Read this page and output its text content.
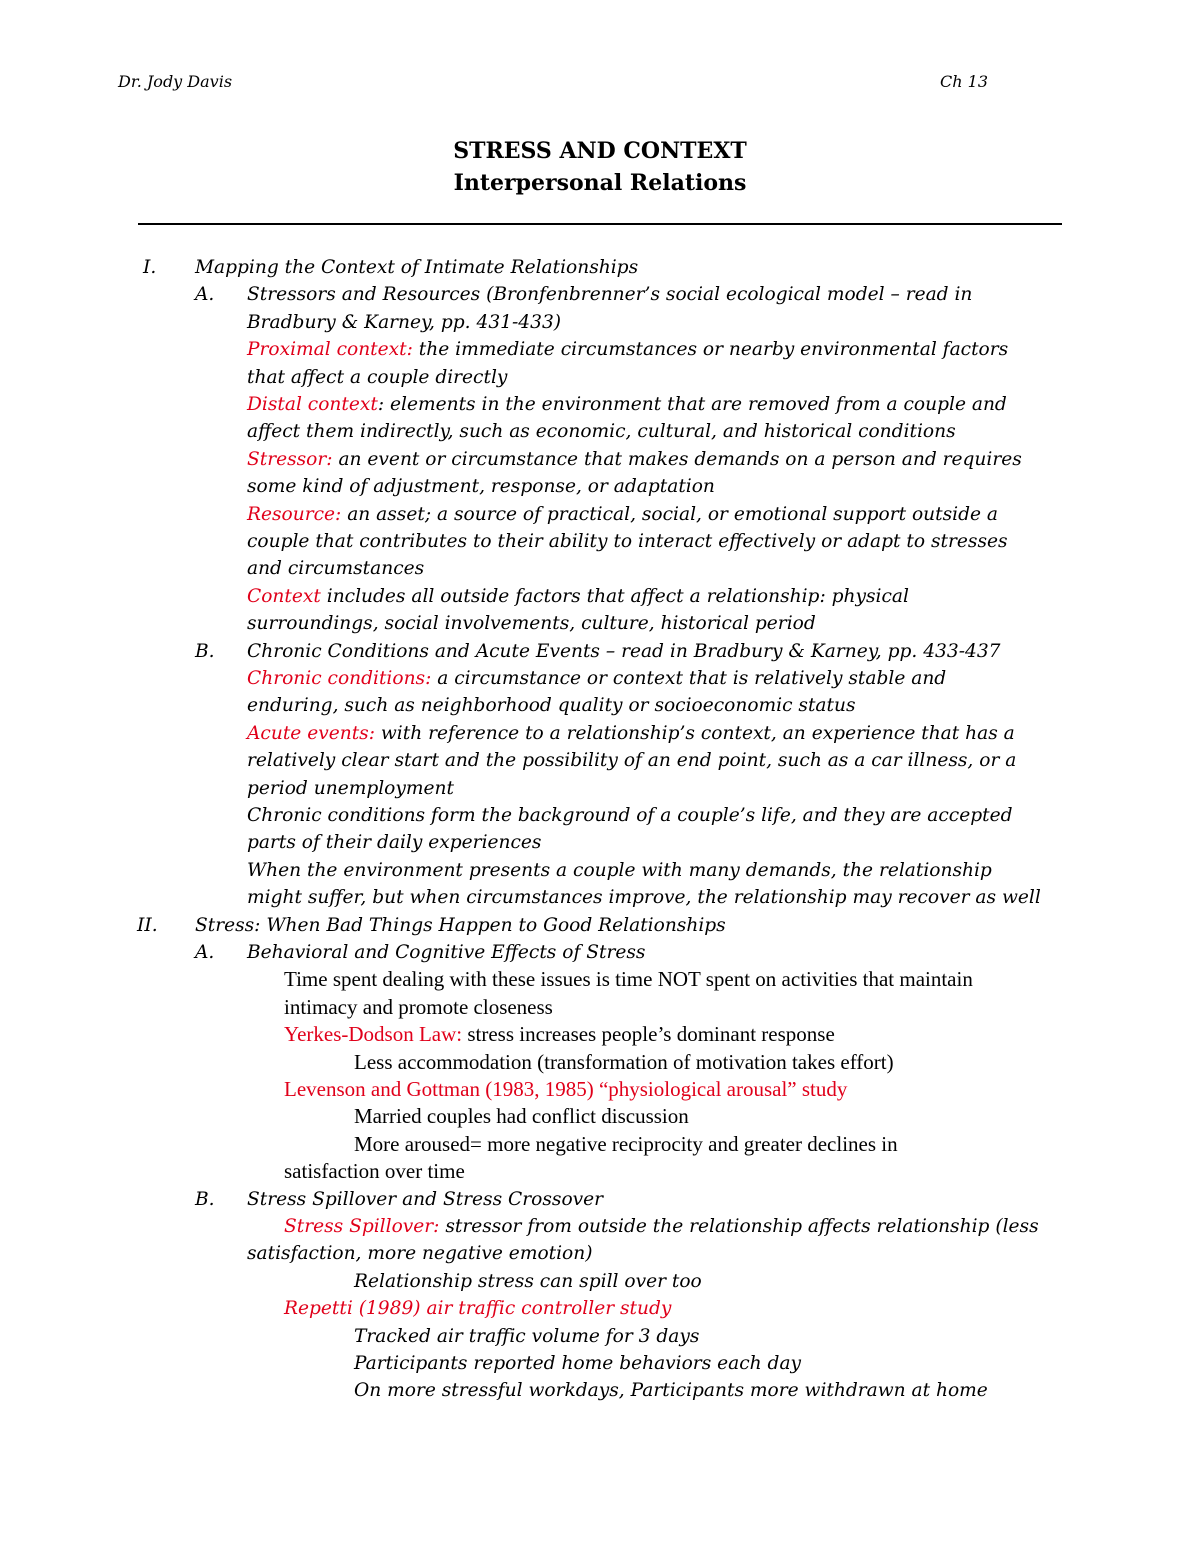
Dr. Jody Davis	Ch 13
STRESS AND CONTEXT
Interpersonal Relations
I. Mapping the Context of Intimate Relationships
A. Stressors and Resources (Bronfenbrenner’s social ecological model – read in
Bradbury & Karney, pp. 431-433)
Proximal context: the immediate circumstances or nearby environmental factors
that affect a couple directly
Distal context: elements in the environment that are removed from a couple and
affect them indirectly, such as economic, cultural, and historical conditions
Stressor: an event or circumstance that makes demands on a person and requires
some kind of adjustment, response, or adaptation
Resource: an asset; a source of practical, social, or emotional support outside a
couple that contributes to their ability to interact effectively or adapt to stresses
and circumstances
Context includes all outside factors that affect a relationship: physical
surroundings, social involvements, culture, historical period
B. Chronic Conditions and Acute Events – read in Bradbury & Karney, pp. 433-437
Chronic conditions: a circumstance or context that is relatively stable and
enduring, such as neighborhood quality or socioeconomic status
Acute events: with reference to a relationship’s context, an experience that has a
relatively clear start and the possibility of an end point, such as a car illness, or a
period unemployment
Chronic conditions form the background of a couple’s life, and they are accepted
parts of their daily experiences
When the environment presents a couple with many demands, the relationship
might suffer, but when circumstances improve, the relationship may recover as well
II. Stress: When Bad Things Happen to Good Relationships
A. Behavioral and Cognitive Effects of Stress
Time spent dealing with these issues is time NOT spent on activities that maintain
intimacy and promote closeness
Yerkes-Dodson Law: stress increases people’s dominant response
Less accommodation (transformation of motivation takes effort)
Levenson and Gottman (1983, 1985) “physiological arousal” study
Married couples had conflict discussion
More aroused= more negative reciprocity and greater declines in
satisfaction over time
B. Stress Spillover and Stress Crossover
Stress Spillover: stressor from outside the relationship affects relationship (less
satisfaction, more negative emotion)
Relationship stress can spill over too
Repetti (1989) air traffic controller study
Tracked air traffic volume for 3 days
Participants reported home behaviors each day
On more stressful workdays, Participants more withdrawn at home
